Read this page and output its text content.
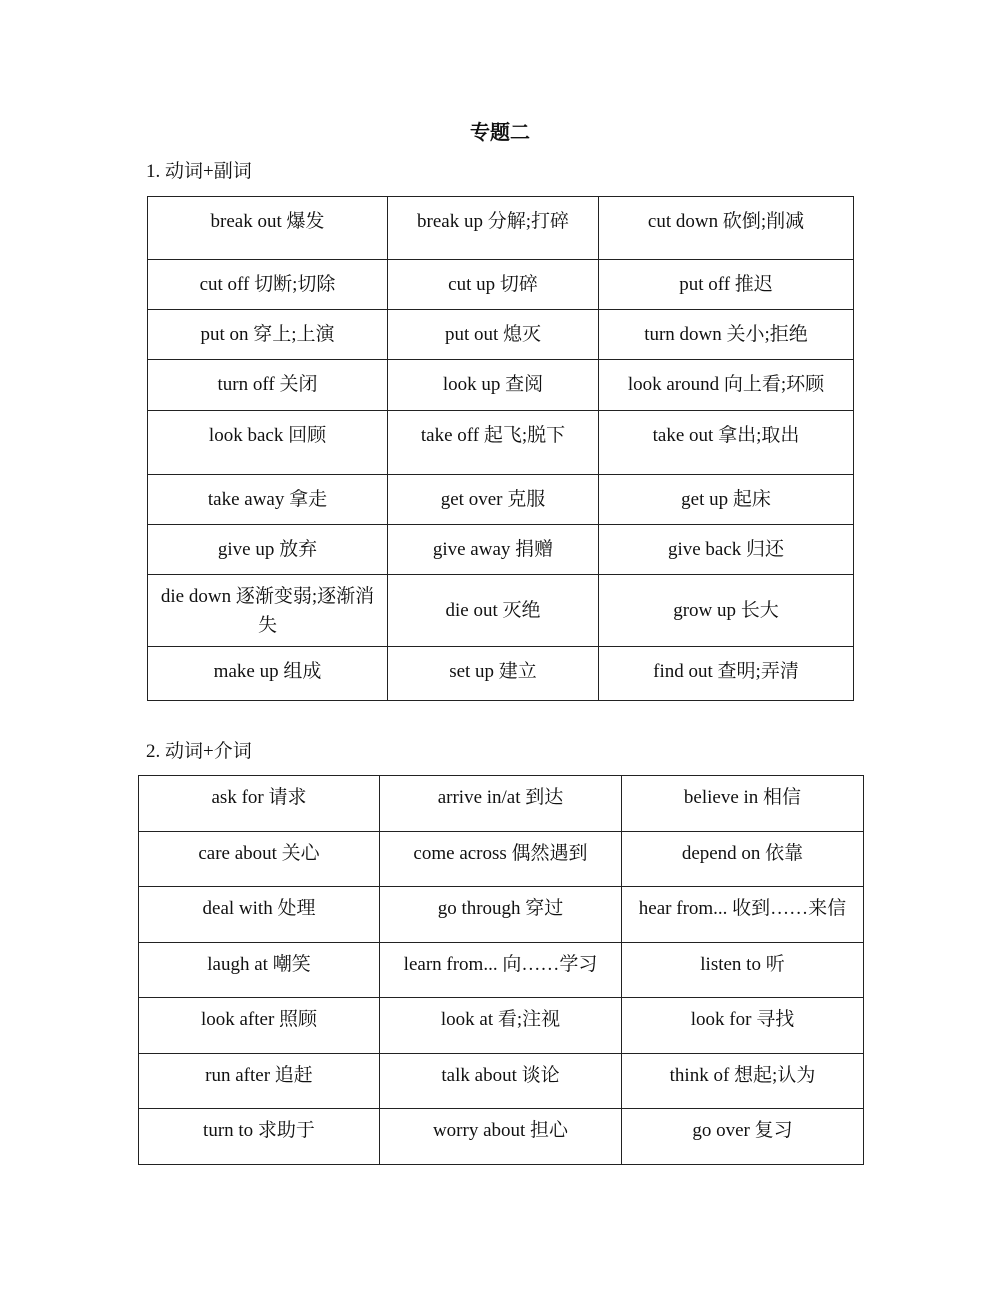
专题二
1. 动词+副词
break out 爆发	break up 分解;打碎	cut down 砍倒;削减
cut off 切断;切除	cut up 切碎	put off 推迟
put on 穿上;上演	put out 熄灭	turn down 关小;拒绝
turn off 关闭	look up 查阅	look around 向上看;环顾
look back 回顾	take off 起飞;脱下	take out 拿出;取出
take away 拿走	get over 克服	get up 起床
give up 放弃	give away 捐赠	give back 归还
die down 逐渐变弱;逐渐消失	die out 灭绝	grow up 长大
make up 组成	set up 建立	find out 查明;弄清
2. 动词+介词
ask for 请求	arrive in/at 到达	believe in 相信
care about 关心	come across 偶然遇到	depend on 依靠
deal with 处理	go through 穿过	hear from... 收到……来信
laugh at 嘲笑	learn from... 向……学习	listen to 听
look after 照顾	look at 看;注视	look for 寻找
run after 追赶	talk about 谈论	think of 想起;认为
turn to 求助于	worry about 担心	go over 复习
